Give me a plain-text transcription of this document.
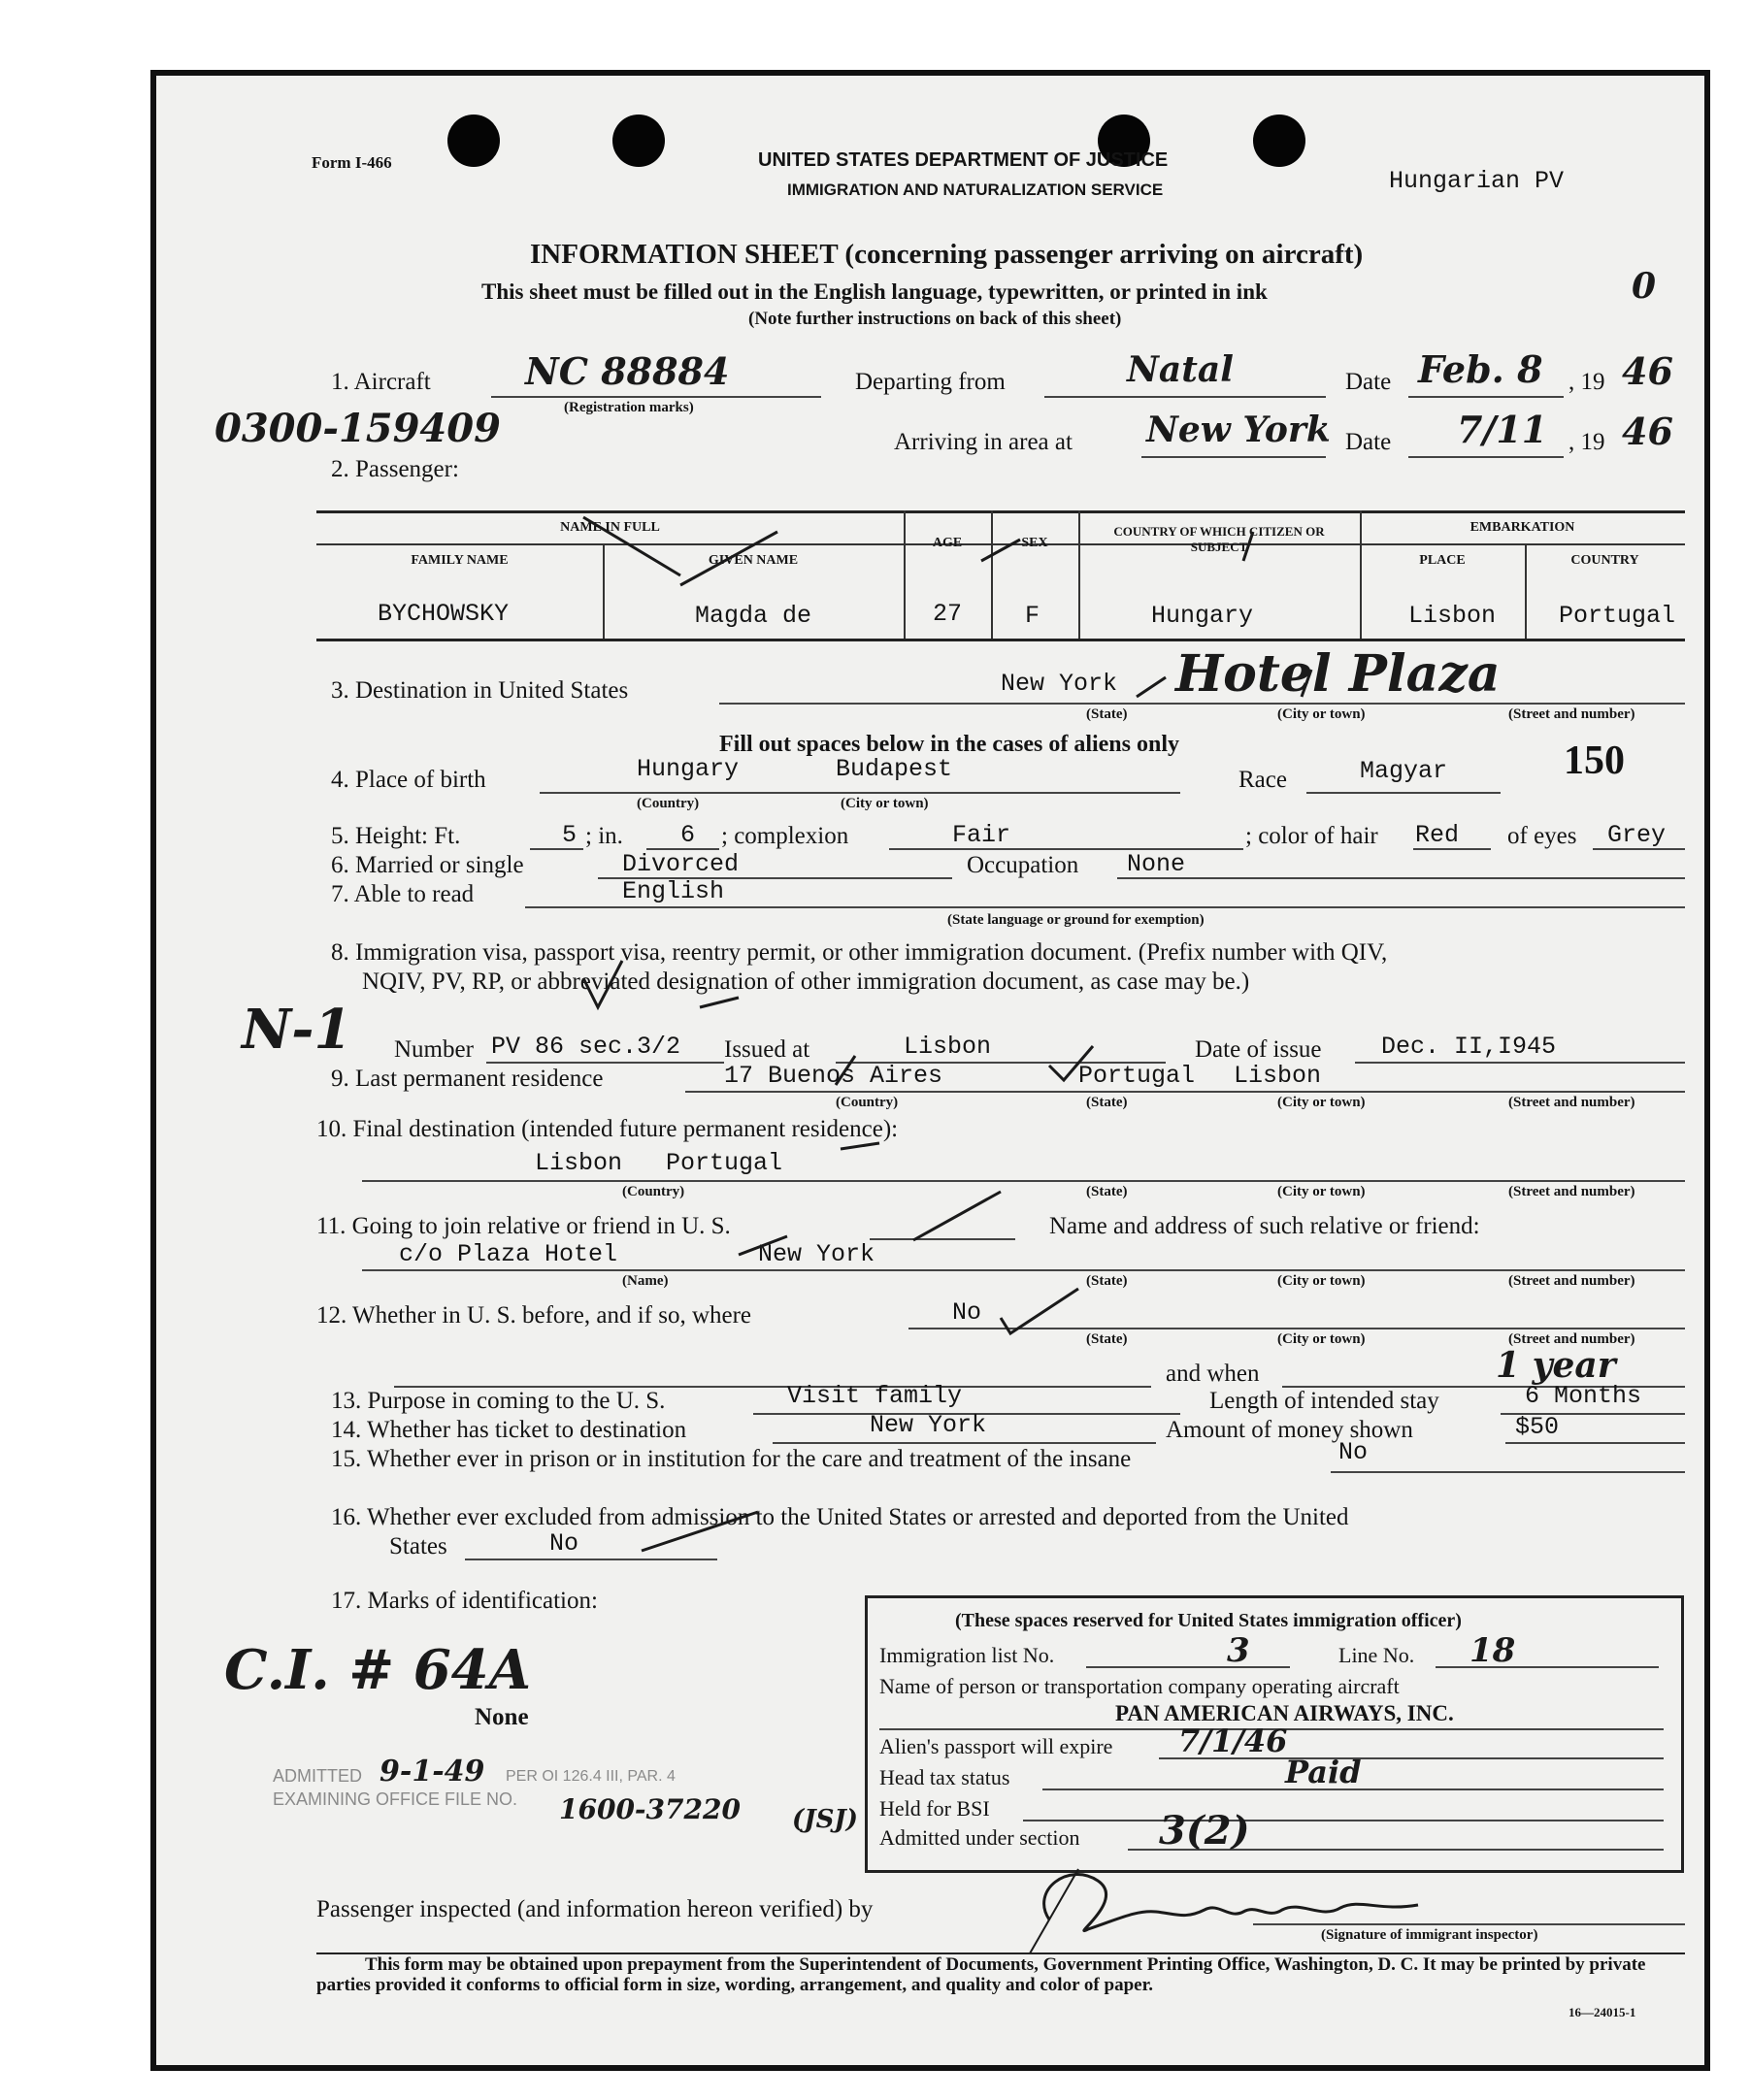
Form I-466	UNITED STATES DEPARTMENT OF JUSTICE
IMMIGRATION AND NATURALIZATION SERVICE	Hungarian PV
INFORMATION SHEET (concerning passenger arriving on aircraft)
This sheet must be filled out in the English language, typewritten, or printed in ink
(Note further instructions on back of this sheet)
0
0300-159409
1. Aircraft	NC 88884
(Registration marks)
Departing from	Natal	Date Feb. 8 , 19 46
Arriving in area at New York Date 7/11 , 19 46
2. Passenger:
NAME IN FULL
FAMILY NAME	GIVEN NAME
AGE	SEX
COUNTRY OF WHICH CITIZEN OR SUBJECT
EMBARKATION
PLACE	COUNTRY
BYCHOWSKY	Magda de	27	F	Hungary	Lisbon	Portugal
3. Destination in United States	New York Hotel Plaza
(State)	(City or town)	(Street and number)
Fill out spaces below in the cases of aliens only
4. Place of birth	Hungary	Budapest
(Country)	(City or town)
Race	Magyar	150
5. Height: Ft.	5 ; in. 6 ; complexion	Fair	; color of hair Red of eyes Grey
6. Married or single	Divorced	Occupation None
7. Able to read	English
(State language or ground for exemption)
8. Immigration visa, passport visa, reentry permit, or other immigration document. (Prefix number with QIV,
NQIV, PV, RP, or abbreviated designation of other immigration document, as case may be.)
N-1 Number PV 86 sec.3/2 Issued at	Lisbon	Date of issue Dec. II,I945
9. Last permanent residence	17 Buenos Aires	Portugal Lisbon
(Country)	(State)	(City or town)	(Street and number)
10. Final destination (intended future permanent residence):
Lisbon   Portugal
(Country)	(State)	(City or town)	(Street and number)
11. Going to join relative or friend in U. S.	Name and address of such relative or friend:
c/o Plaza Hotel	New York
(Name)	(State)	(City or town)	(Street and number)
12. Whether in U. S. before, and if so, where	No
(State)	(City or town)	(Street and number)
and when	1 year
13. Purpose in coming to the U. S.	Visit family	Length of intended stay	6 Months
14. Whether has ticket to destination	New York	Amount of money shown	$50
15. Whether ever in prison or in institution for the care and treatment of the insane	No
16. Whether ever excluded from admission to the United States or arrested and deported from the United
States	No
17. Marks of identification:
C.I. # 64A
None
ADMITTED 9-1-49 PER OI 126.4 III, PAR. 4
EXAMINING OFFICE FILE NO. 1600-37220 (JSJ)
(These spaces reserved for United States immigration officer)
Immigration list No.	3	Line No. 18
Name of person or transportation company operating aircraft
PAN AMERICAN AIRWAYS, INC.
Alien's passport will expire 7/1/46
Head tax status	Paid
Held for BSI
Admitted under section 3(2)
Passenger inspected (and information hereon verified) by
(Signature of immigrant inspector)
This form may be obtained upon prepayment from the Superintendent of Documents, Government Printing Office, Washington, D. C. It may be printed by private parties provided it conforms to official form in size, wording, arrangement, and quality and color of paper.
16—24015-1
